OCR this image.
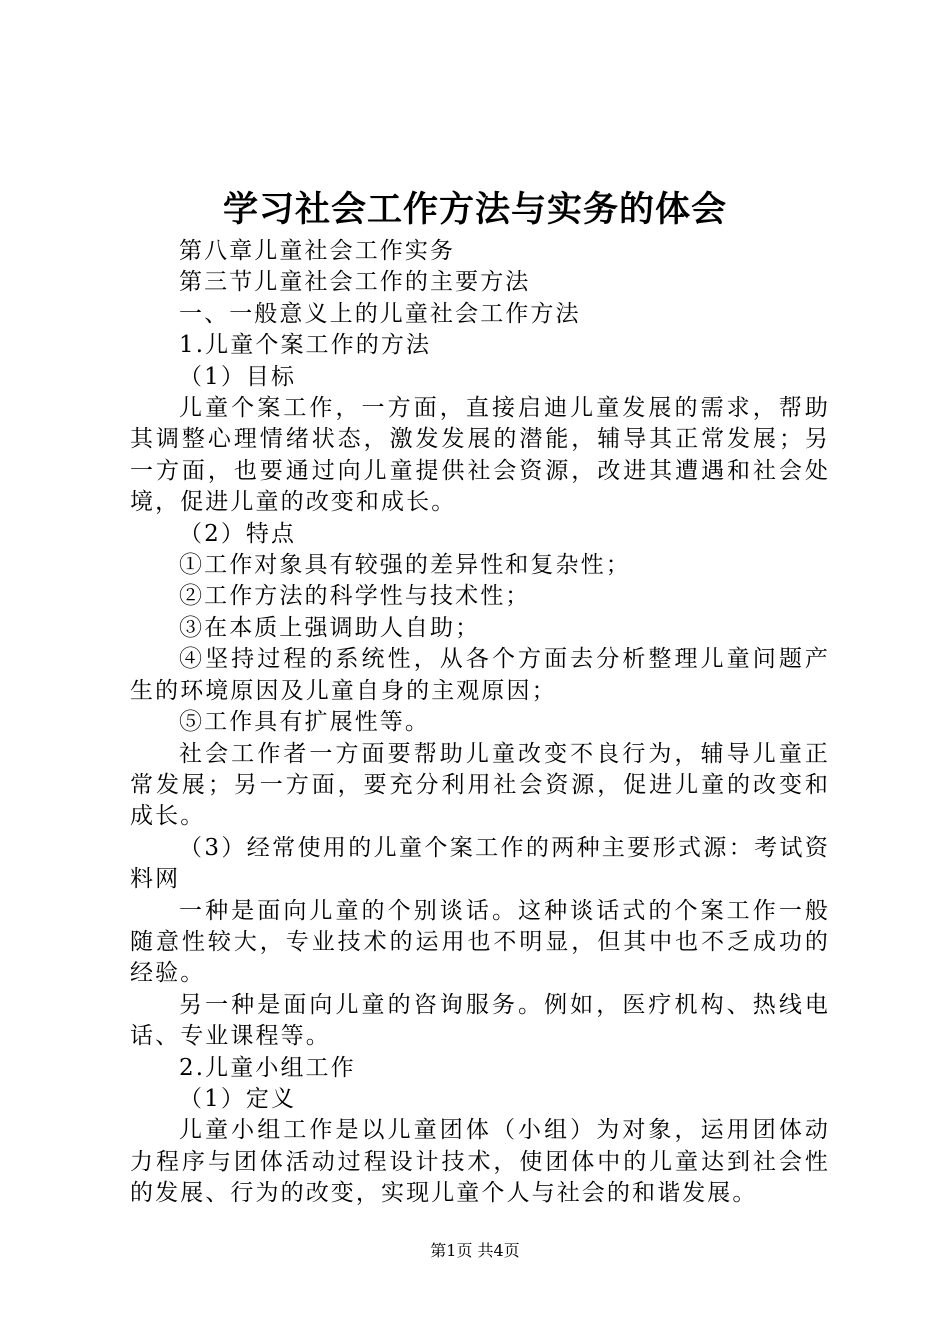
学习社会工作方法与实务的体会

第八章儿童社会工作实务

第三节儿童社会工作的主要方法

一、一般意义上的儿童社会工作方法

1.儿童个案工作的方法

（1）目标

儿童个案工作，一方面，直接启迪儿童发展的需求，帮助其调整心理情绪状态，激发发展的潜能，辅导其正常发展；另一方面，也要通过向儿童提供社会资源，改进其遭遇和社会处境，促进儿童的改变和成长。

（2）特点

①工作对象具有较强的差异性和复杂性；

②工作方法的科学性与技术性；

③在本质上强调助人自助；

④坚持过程的系统性，从各个方面去分析整理儿童问题产生的环境原因及儿童自身的主观原因；

⑤工作具有扩展性等。

社会工作者一方面要帮助儿童改变不良行为，辅导儿童正常发展；另一方面，要充分利用社会资源，促进儿童的改变和成长。

（3）经常使用的儿童个案工作的两种主要形式源：考试资料网

一种是面向儿童的个别谈话。这种谈话式的个案工作一般随意性较大，专业技术的运用也不明显，但其中也不乏成功的经验。

另一种是面向儿童的咨询服务。例如，医疗机构、热线电话、专业课程等。

2.儿童小组工作

（1）定义

儿童小组工作是以儿童团体（小组）为对象，运用团体动力程序与团体活动过程设计技术，使团体中的儿童达到社会性的发展、行为的改变，实现儿童个人与社会的和谐发展。

第1页 共4页
